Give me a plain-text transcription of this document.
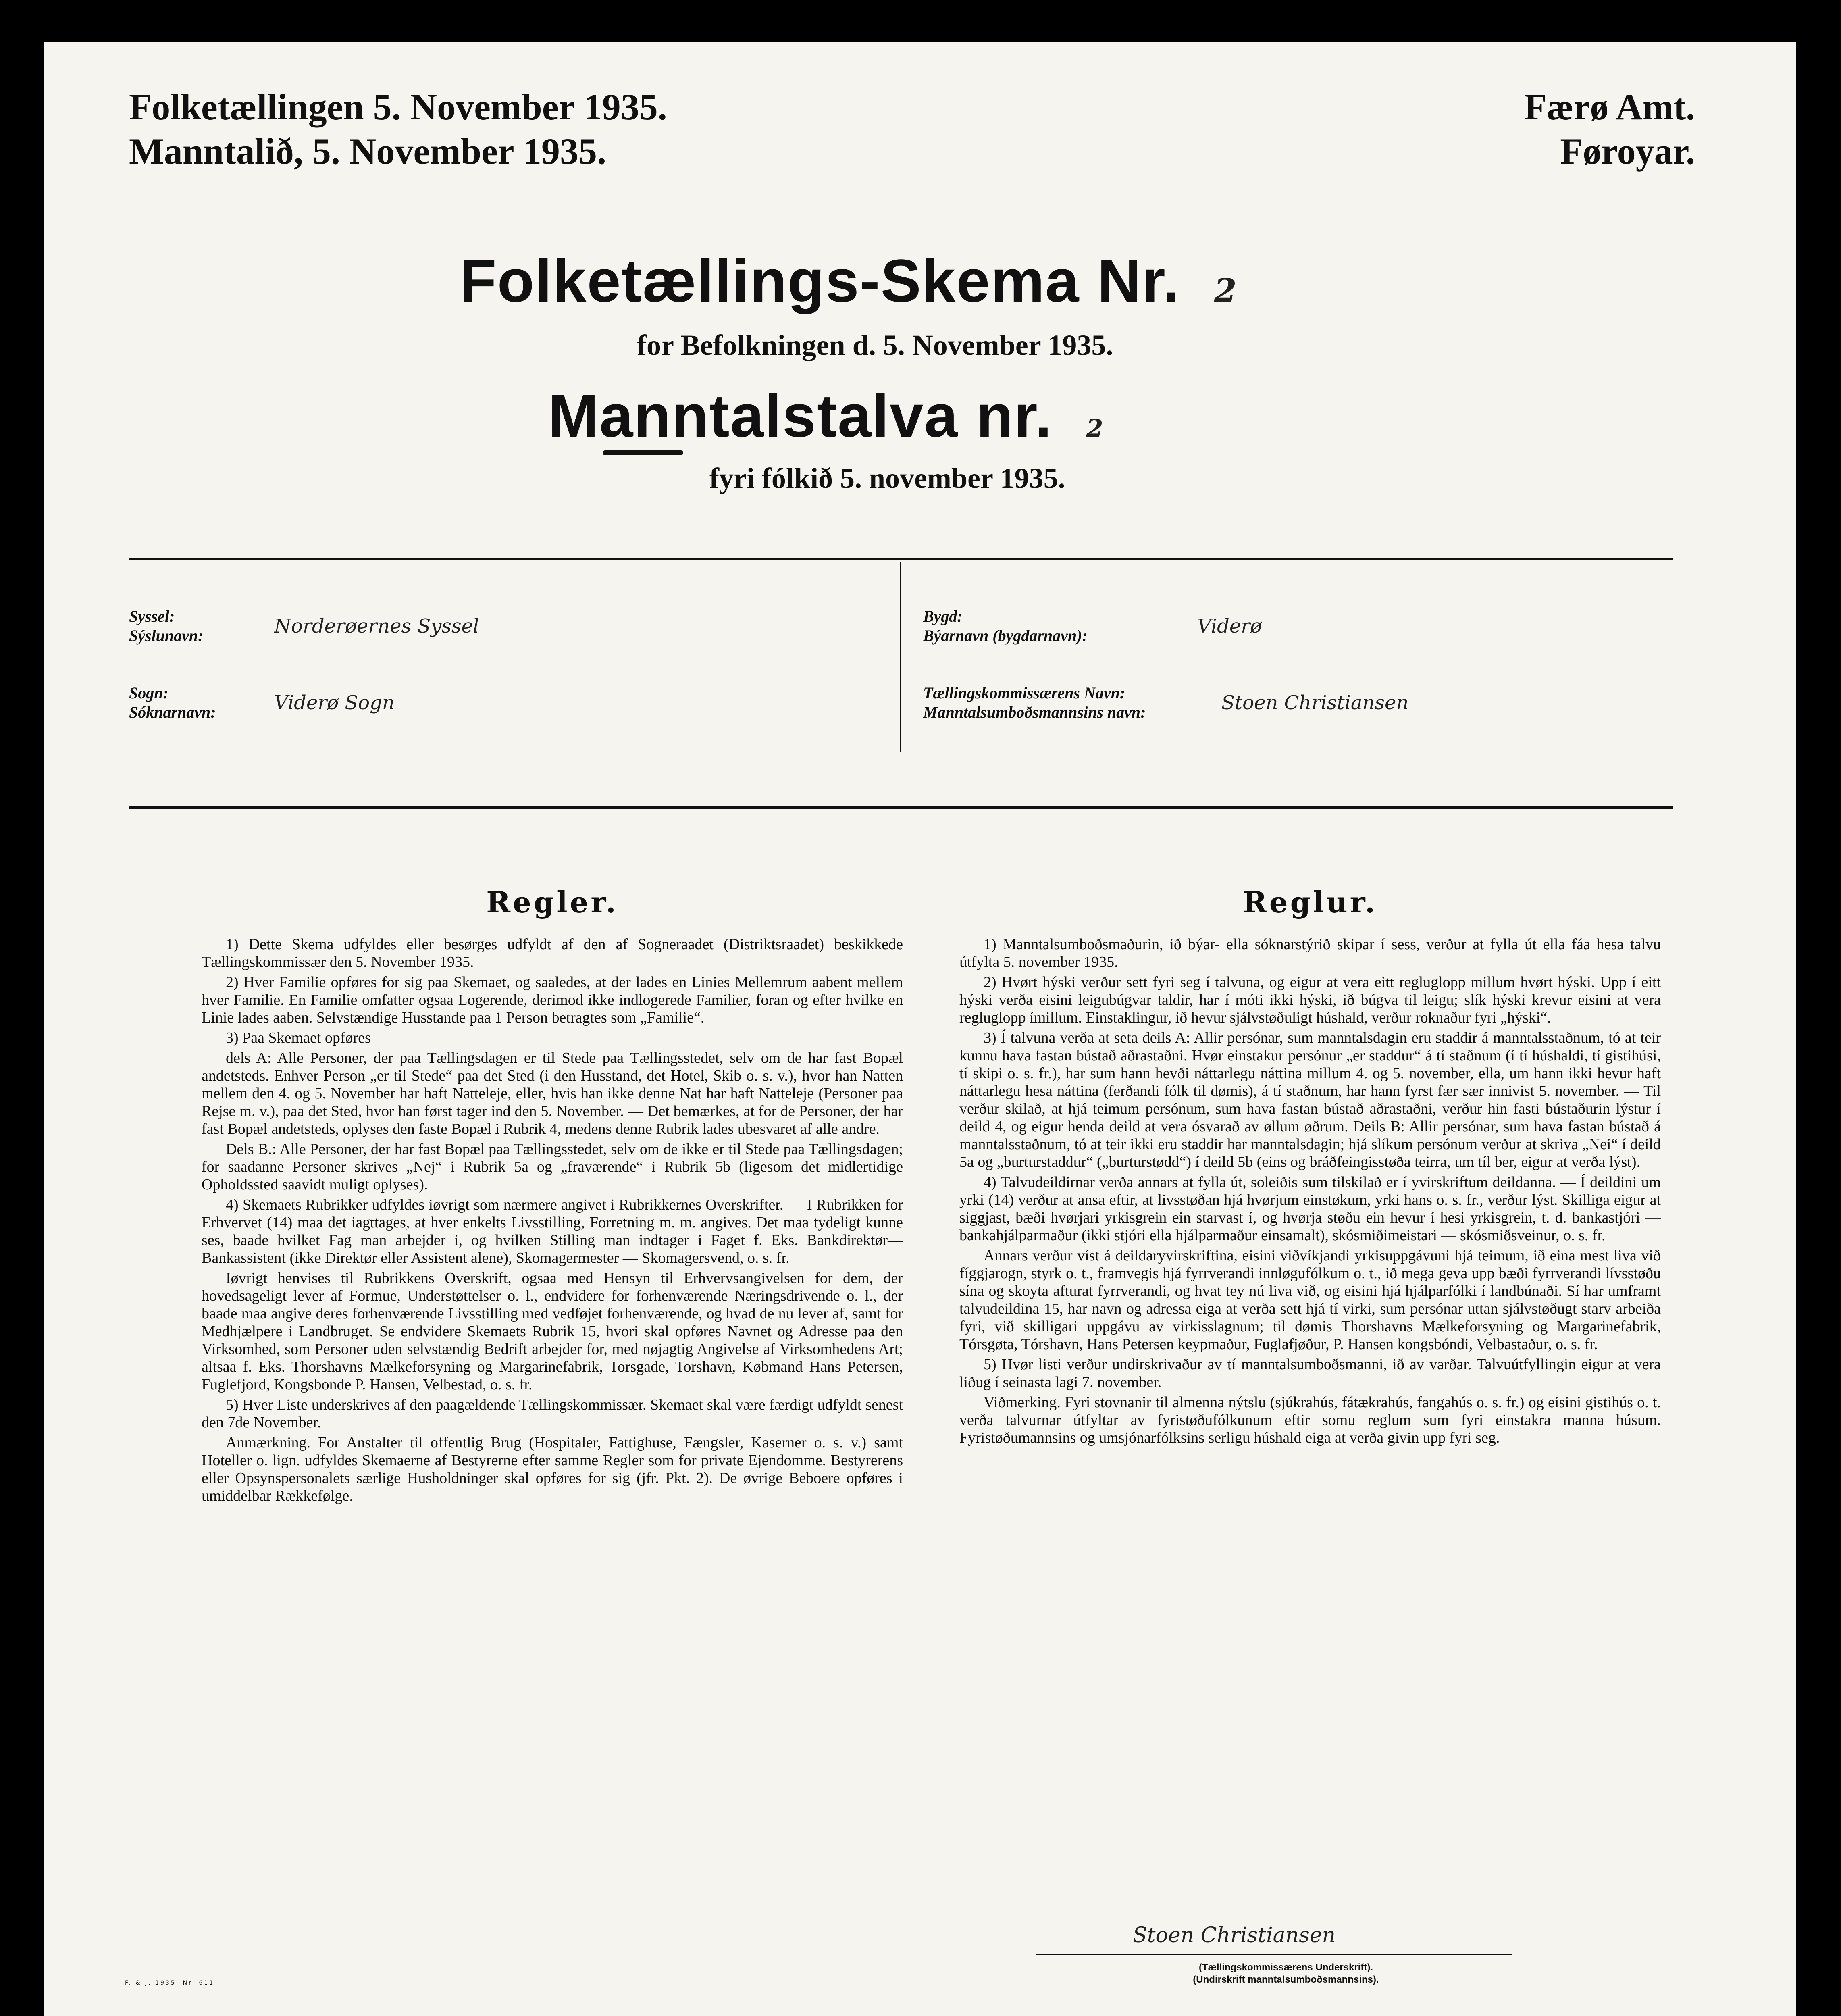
Folketællingen 5. November 1935.
Manntalið, 5. November 1935.
Færø Amt.
Føroyar.
Folketællings-Skema Nr. 2
for Befolkningen d. 5. November 1935.
Manntalstalva nr. 2
fyri fólkið 5. november 1935.
Syssel:
Sýslunavn:	Norderøernes Syssel
Sogn:
Sóknarnavn:	Viderø Sogn
Bygd:
Býarnavn (bygdarnavn):	Viderø
Tællingskommissærens Navn:
Manntalsumboðsmannsins navn:	Stoen Christiansen
Regler.

1) Dette Skema udfyldes eller besørges udfyldt af den af Sogneraadet (Distriktsraadet) beskikkede Tællingskommissær den 5. November 1935.

2) Hver Familie opføres for sig paa Skemaet, og saaledes, at der lades en Linies Mellemrum aabent mellem hver Familie. En Familie omfatter ogsaa Logerende, derimod ikke indlogerede Familier, foran og efter hvilke en Linie lades aaben. Selvstændige Husstande paa 1 Person betragtes som „Familie“.

3) Paa Skemaet opføres

dels A: Alle Personer, der paa Tællingsdagen er til Stede paa Tællingsstedet, selv om de har fast Bopæl andetsteds. Enhver Person „er til Stede“ paa det Sted (i den Husstand, det Hotel, Skib o. s. v.), hvor han Natten mellem den 4. og 5. November har haft Natteleje, eller, hvis han ikke denne Nat har haft Natteleje (Personer paa Rejse m. v.), paa det Sted, hvor han først tager ind den 5. November. — Det bemærkes, at for de Personer, der har fast Bopæl andetsteds, oplyses den faste Bopæl i Rubrik 4, medens denne Rubrik lades ubesvaret af alle andre.

Dels B.: Alle Personer, der har fast Bopæl paa Tællingsstedet, selv om de ikke er til Stede paa Tællingsdagen; for saadanne Personer skrives „Nej“ i Rubrik 5a og „fraværende“ i Rubrik 5b (ligesom det midlertidige Opholdssted saavidt muligt oplyses).

4) Skemaets Rubrikker udfyldes iøvrigt som nærmere angivet i Rubrikkernes Overskrifter. — I Rubrikken for Erhvervet (14) maa det iagttages, at hver enkelts Livsstilling, Forretning m. m. angives. Det maa tydeligt kunne ses, baade hvilket Fag man arbejder i, og hvilken Stilling man indtager i Faget f. Eks. Bankdirektør—Bankassistent (ikke Direktør eller Assistent alene), Skomagermester — Skomagersvend, o. s. fr.

Iøvrigt henvises til Rubrikkens Overskrift, ogsaa med Hensyn til Erhvervsangivelsen for dem, der hovedsageligt lever af Formue, Understøttelser o. l., endvidere for forhenværende Næringsdrivende o. l., der baade maa angive deres forhenværende Livsstilling med vedføjet forhenværende, og hvad de nu lever af, samt for Medhjælpere i Landbruget. Se endvidere Skemaets Rubrik 15, hvori skal opføres Navnet og Adresse paa den Virksomhed, som Personer uden selvstændig Bedrift arbejder for, med nøjagtig Angivelse af Virksomhedens Art; altsaa f. Eks. Thorshavns Mælkeforsyning og Margarinefabrik, Torsgade, Torshavn, Købmand Hans Petersen, Fuglefjord, Kongsbonde P. Hansen, Velbestad, o. s. fr.

5) Hver Liste underskrives af den paagældende Tællingskommissær. Skemaet skal være færdigt udfyldt senest den 7de November.

Anmærkning. For Anstalter til offentlig Brug (Hospitaler, Fattighuse, Fængsler, Kaserner o. s. v.) samt Hoteller o. lign. udfyldes Skemaerne af Bestyrerne efter samme Regler som for private Ejendomme. Bestyrerens eller Opsynspersonalets særlige Husholdninger skal opføres for sig (jfr. Pkt. 2). De øvrige Beboere opføres i umiddelbar Rækkefølge.

Reglur.

1) Manntalsumboðsmaðurin, ið býar- ella sóknarstýrið skipar í sess, verður at fylla út ella fáa hesa talvu útfylta 5. november 1935.

2) Hvørt hýski verður sett fyri seg í talvuna, og eigur at vera eitt regluglopp millum hvørt hýski. Upp í eitt hýski verða eisini leigubúgvar taldir, har í móti ikki hýski, ið búgva til leigu; slík hýski krevur eisini at vera regluglopp ímillum. Einstaklingur, ið hevur sjálvstøðuligt húshald, verður roknaður fyri „hýski“.

3) Í talvuna verða at seta deils A: Allir persónar, sum manntalsdagin eru staddir á manntalsstaðnum, tó at teir kunnu hava fastan bústað aðrastaðni. Hvør einstakur persónur „er staddur“ á tí staðnum (í tí húshaldi, tí gistihúsi, tí skipi o. s. fr.), har sum hann hevði náttarlegu náttina millum 4. og 5. november, ella, um hann ikki hevur haft náttarlegu hesa náttina (ferðandi fólk til dømis), á tí staðnum, har hann fyrst fær sær innivist 5. november. — Til verður skilað, at hjá teimum persónum, sum hava fastan bústað aðrastaðni, verður hin fasti bústaðurin lýstur í deild 4, og eigur henda deild at vera ósvarað av øllum øðrum. Deils B: Allir persónar, sum hava fastan bústað á manntalsstaðnum, tó at teir ikki eru staddir har manntalsdagin; hjá slíkum persónum verður at skriva „Nei“ í deild 5a og „burturstaddur“ („burturstødd“) í deild 5b (eins og bráðfeingisstøða teirra, um tíl ber, eigur at verða lýst).

4) Talvudeildirnar verða annars at fylla út, soleiðis sum tilskilað er í yvirskriftum deildanna. — Í deildini um yrki (14) verður at ansa eftir, at livsstøðan hjá hvørjum einstøkum, yrki hans o. s. fr., verður lýst. Skilliga eigur at siggjast, bæði hvørjari yrkisgrein ein starvast í, og hvørja støðu ein hevur í hesi yrkisgrein, t. d. bankastjóri — bankahjálparmaður (ikki stjóri ella hjálparmaður einsamalt), skósmiðimeistari — skósmiðsveinur, o. s. fr.

Annars verður víst á deildaryvirskriftina, eisini viðvíkjandi yrkisuppgávuni hjá teimum, ið eina mest liva við fíggjarogn, styrk o. t., framvegis hjá fyrrverandi innløgufólkum o. t., ið mega geva upp bæði fyrrverandi lívsstøðu sína og skoyta afturat fyrrverandi, og hvat tey nú liva við, og eisini hjá hjálparfólki í landbúnaði. Sí har umframt talvudeildina 15, har navn og adressa eiga at verða sett hjá tí virki, sum persónar uttan sjálvstøðugt starv arbeiða fyri, við skilligari uppgávu av virkisslagnum; til dømis Thorshavns Mælkeforsyning og Margarinefabrik, Tórsgøta, Tórshavn, Hans Petersen keypmaður, Fuglafjøður, P. Hansen kongsbóndi, Velbastaður, o. s. fr.

5) Hvør listi verður undirskrivaður av tí manntalsumboðsmanni, ið av varðar. Talvuútfyllingin eigur at vera liðug í seinasta lagi 7. november.

Viðmerking. Fyri stovnanir til almenna nýtslu (sjúkrahús, fátækrahús, fangahús o. s. fr.) og eisini gistihús o. t. verða talvurnar útfyltar av fyristøðufólkunum eftir somu reglum sum fyri einstakra manna húsum. Fyristøðumannsins og umsjónarfólksins serligu húshald eiga at verða givin upp fyri seg.

Stoen Christiansen
(Tællingskommissærens Underskrift).
(Undirskrift manntalsumboðsmannsins).
F. & J. 1935. Nr. 611
